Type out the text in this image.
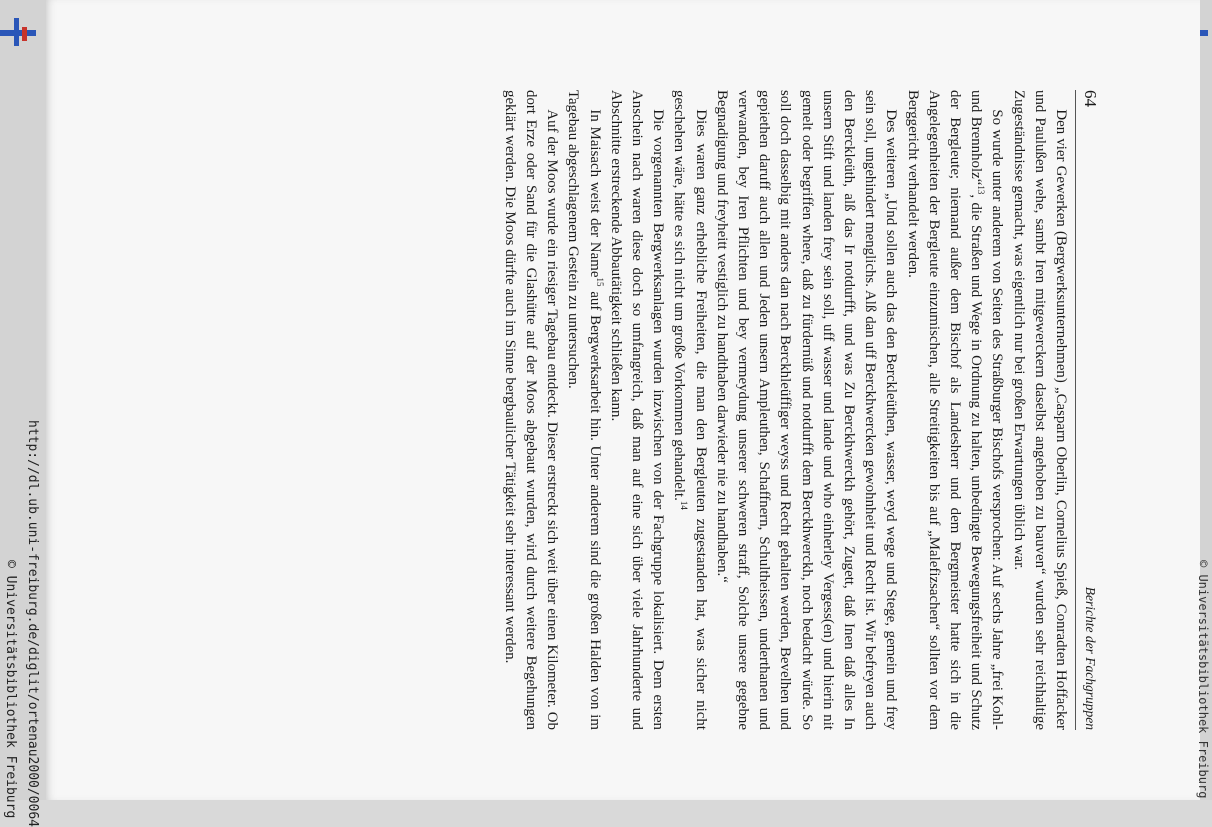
64
Berichte der Fachgruppen

Den vier Gewerken (Bergwerksunternehmen) „Casparn Oberlin, Cornelius Spieß, Conradten Hoffacker und Paulußen wehe, sambt Iren mitgewerckern daselbst angehoben zu bauven“ wurden sehr reichhaltige Zugeständnisse gemacht, was eigentlich nur bei großen Erwartungen üblich war.

So wurde unter anderem von Seiten des Straßburger Bischofs versprochen: Auf sechs Jahre „frei Kohl- und Brennholz“$^{13}$, die Straßen und Wege in Ordnung zu halten, unbedingte Bewegungsfreiheit und Schutz der Bergleute; niemand außer dem Bischof als Landesherr und dem Bergmeister hatte sich in die Angelegenheiten der Bergleute einzumischen, alle Streitigkeiten bis auf „Malefizsachen“ sollten vor dem Berggericht verhandelt werden.

Des weiteren „Und sollen auch das den Berckleüthen, wasser, weyd wege und Stege, gemein und frey sein soll, ungehindert menglichs. Alß dan uff Berckhwercken gewohnheit und Recht ist. Wir befreyen auch den Berckleüth, alß das Ir notdurfft, und was Zu Berckhwerckh gehört, Zugett, daß Inen daß alles In unsern Stift und landen frey sein soll, uff wasser und lande und who einherley Vergess(en) und hierin nit gemelt oder begriffen where, daß zu fürdernüß und notdurfft dem Berckhwerckh, noch bedacht würde. So soll doch dasselbig mit anders dan nach Berckhleüffiger weyss und Recht gehalten werden, Bevelhen und gepiethen daruff auch allen und Jeden unsern Ampleuthen, Schaffnern, Schultheissen, underthanen und verwanden, bey Iren Pflichten und bey vermeydung unserer schweren straff, Solche unsere gegebne Begnadigung und freyheitt vestiglich zu handthaben darwieder nie zu handhaben.“

Dies waren ganz erhebliche Freiheiten, die man den Bergleuten zugestanden hat, was sicher nicht geschehen wäre, hätte es sich nicht um große Vorkommen gehandelt.$^{14}$

Die vorgenannten Bergwerksanlagen wurden inzwischen von der Fachgruppe lokalisiert. Dem ersten Anschein nach waren diese doch so umfangreich, daß man auf eine sich über viele Jahrhunderte und Abschnitte erstreckende Abbautätigkeit schließen kann.

In Maisach weist der Name$^{15}$ auf Bergwerksarbeit hin. Unter anderem sind die großen Halden von im Tagebau abgeschlagenem Gestein zu untersuchen.

Auf der Moos wurde ein riesiger Tagebau entdeckt. Dieser erstreckt sich weit über einen Kilometer. Ob dort Erze oder Sand für die Glashütte auf der Moos abgebaut wurden, wird durch weitere Begehungen geklärt werden. Die Moos dürfte auch im Sinne bergbaulicher Tätigkeit sehr interessant werden.

http://dl.ub.uni-freiburg.de/diglit/ortenau2000/0064
© Universitätsbibliothek Freiburg	© Universitätsbibliothek Freiburg
